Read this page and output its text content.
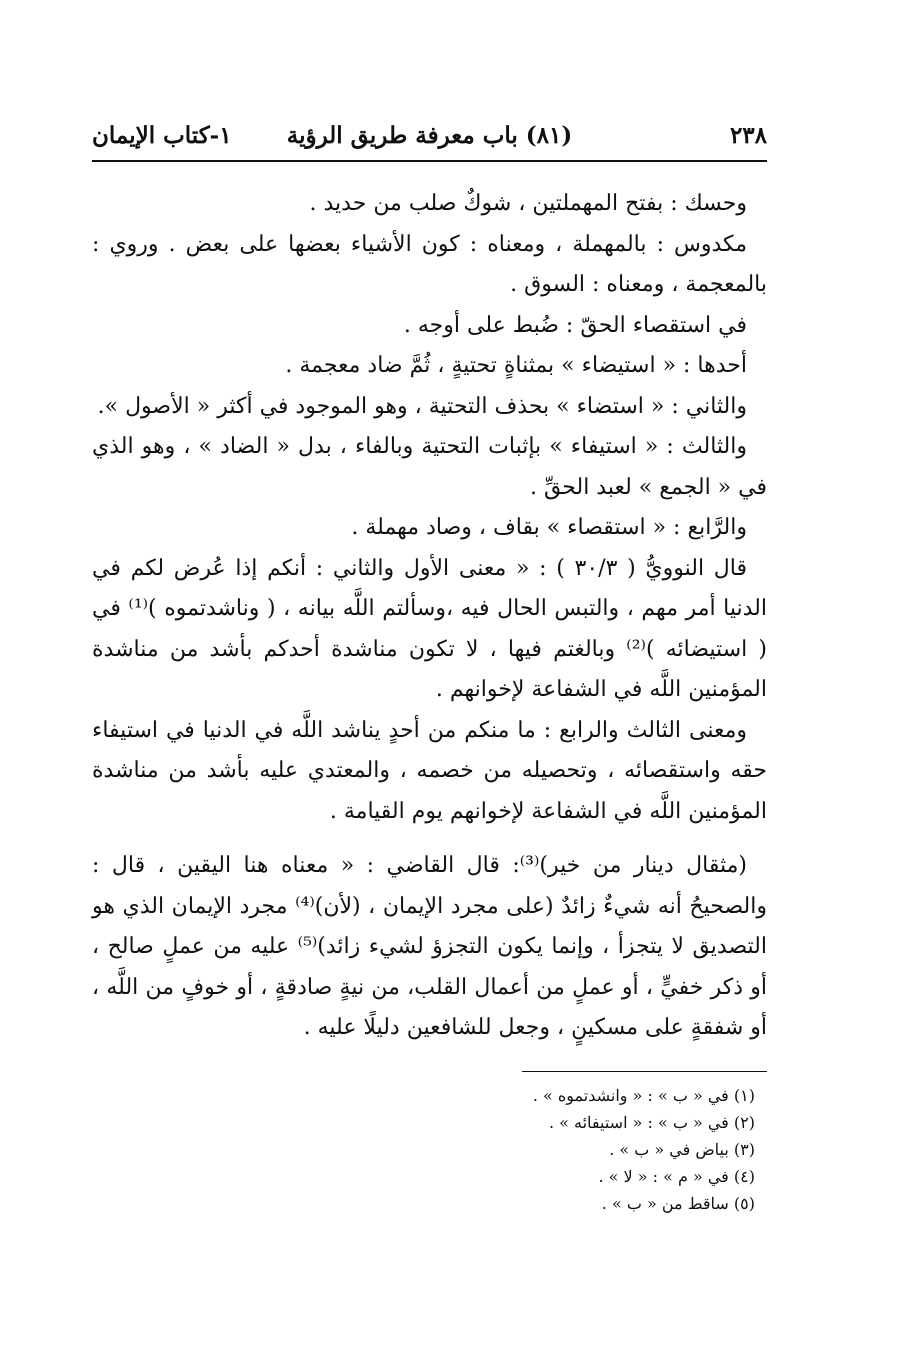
٢٣٨
(٨١) باب معرفة طريق الرؤية
١-كتاب الإيمان

وحسك : بفتح المهملتين ، شوكٌ صلب من حديد .

مكدوس : بالمهملة ، ومعناه : كون الأشياء بعضها على بعض . وروي : بالمعجمة ، ومعناه : السوق .

في استقصاء الحقّ : ضُبط على أوجه .

أحدها : « استيضاء » بمثناةٍ تحتيةٍ ، ثُمَّ ضاد معجمة .

والثاني : « استضاء » بحذف التحتية ، وهو الموجود في أكثر « الأصول ».

والثالث : « استيفاء » بإثبات التحتية وبالفاء ، بدل « الضاد » ، وهو الذي في « الجمع » لعبد الحقِّ .

والرَّابع : « استقصاء » بقاف ، وصاد مهملة .

قال النوويُّ ( ٣٠/٣ ) : « معنى الأول والثاني : أنكم إذا عُرض لكم في الدنيا أمر مهم ، والتبس الحال فيه ،وسألتم اللَّه بيانه ، ( وناشدتموه )⁽¹⁾ في ( استيضائه )⁽²⁾ وبالغتم فيها ، لا تكون مناشدة أحدكم بأشد من مناشدة المؤمنين اللَّه في الشفاعة لإخوانهم .

ومعنى الثالث والرابع : ما منكم من أحدٍ يناشد اللَّه في الدنيا في استيفاء حقه واستقصائه ، وتحصيله من خصمه ، والمعتدي عليه بأشد من مناشدة المؤمنين اللَّه في الشفاعة لإخوانهم يوم القيامة .

(مثقال دينار من خير)⁽³⁾: قال القاضي : « معناه هنا اليقين ، قال : والصحيحُ أنه شيءٌ زائدٌ (على مجرد الإيمان ، (لأن)⁽⁴⁾ مجرد الإيمان الذي هو التصديق لا يتجزأ ، وإنما يكون التجزؤ لشيء زائد)⁽⁵⁾ عليه من عملٍ صالح ، أو ذكر خفيٍّ ، أو عملٍ من أعمال القلب، من نيةٍ صادقةٍ ، أو خوفٍ من اللَّه ، أو شفقةٍ على مسكينٍ ، وجعل للشافعين دليلًا عليه .

(١) في « ب » : « وانشدتموه » .
(٢) في « ب » : « استيفائه » .
(٣) بياض في « ب » .
(٤) في « م » : « لا » .
(٥) ساقط من « ب » .
